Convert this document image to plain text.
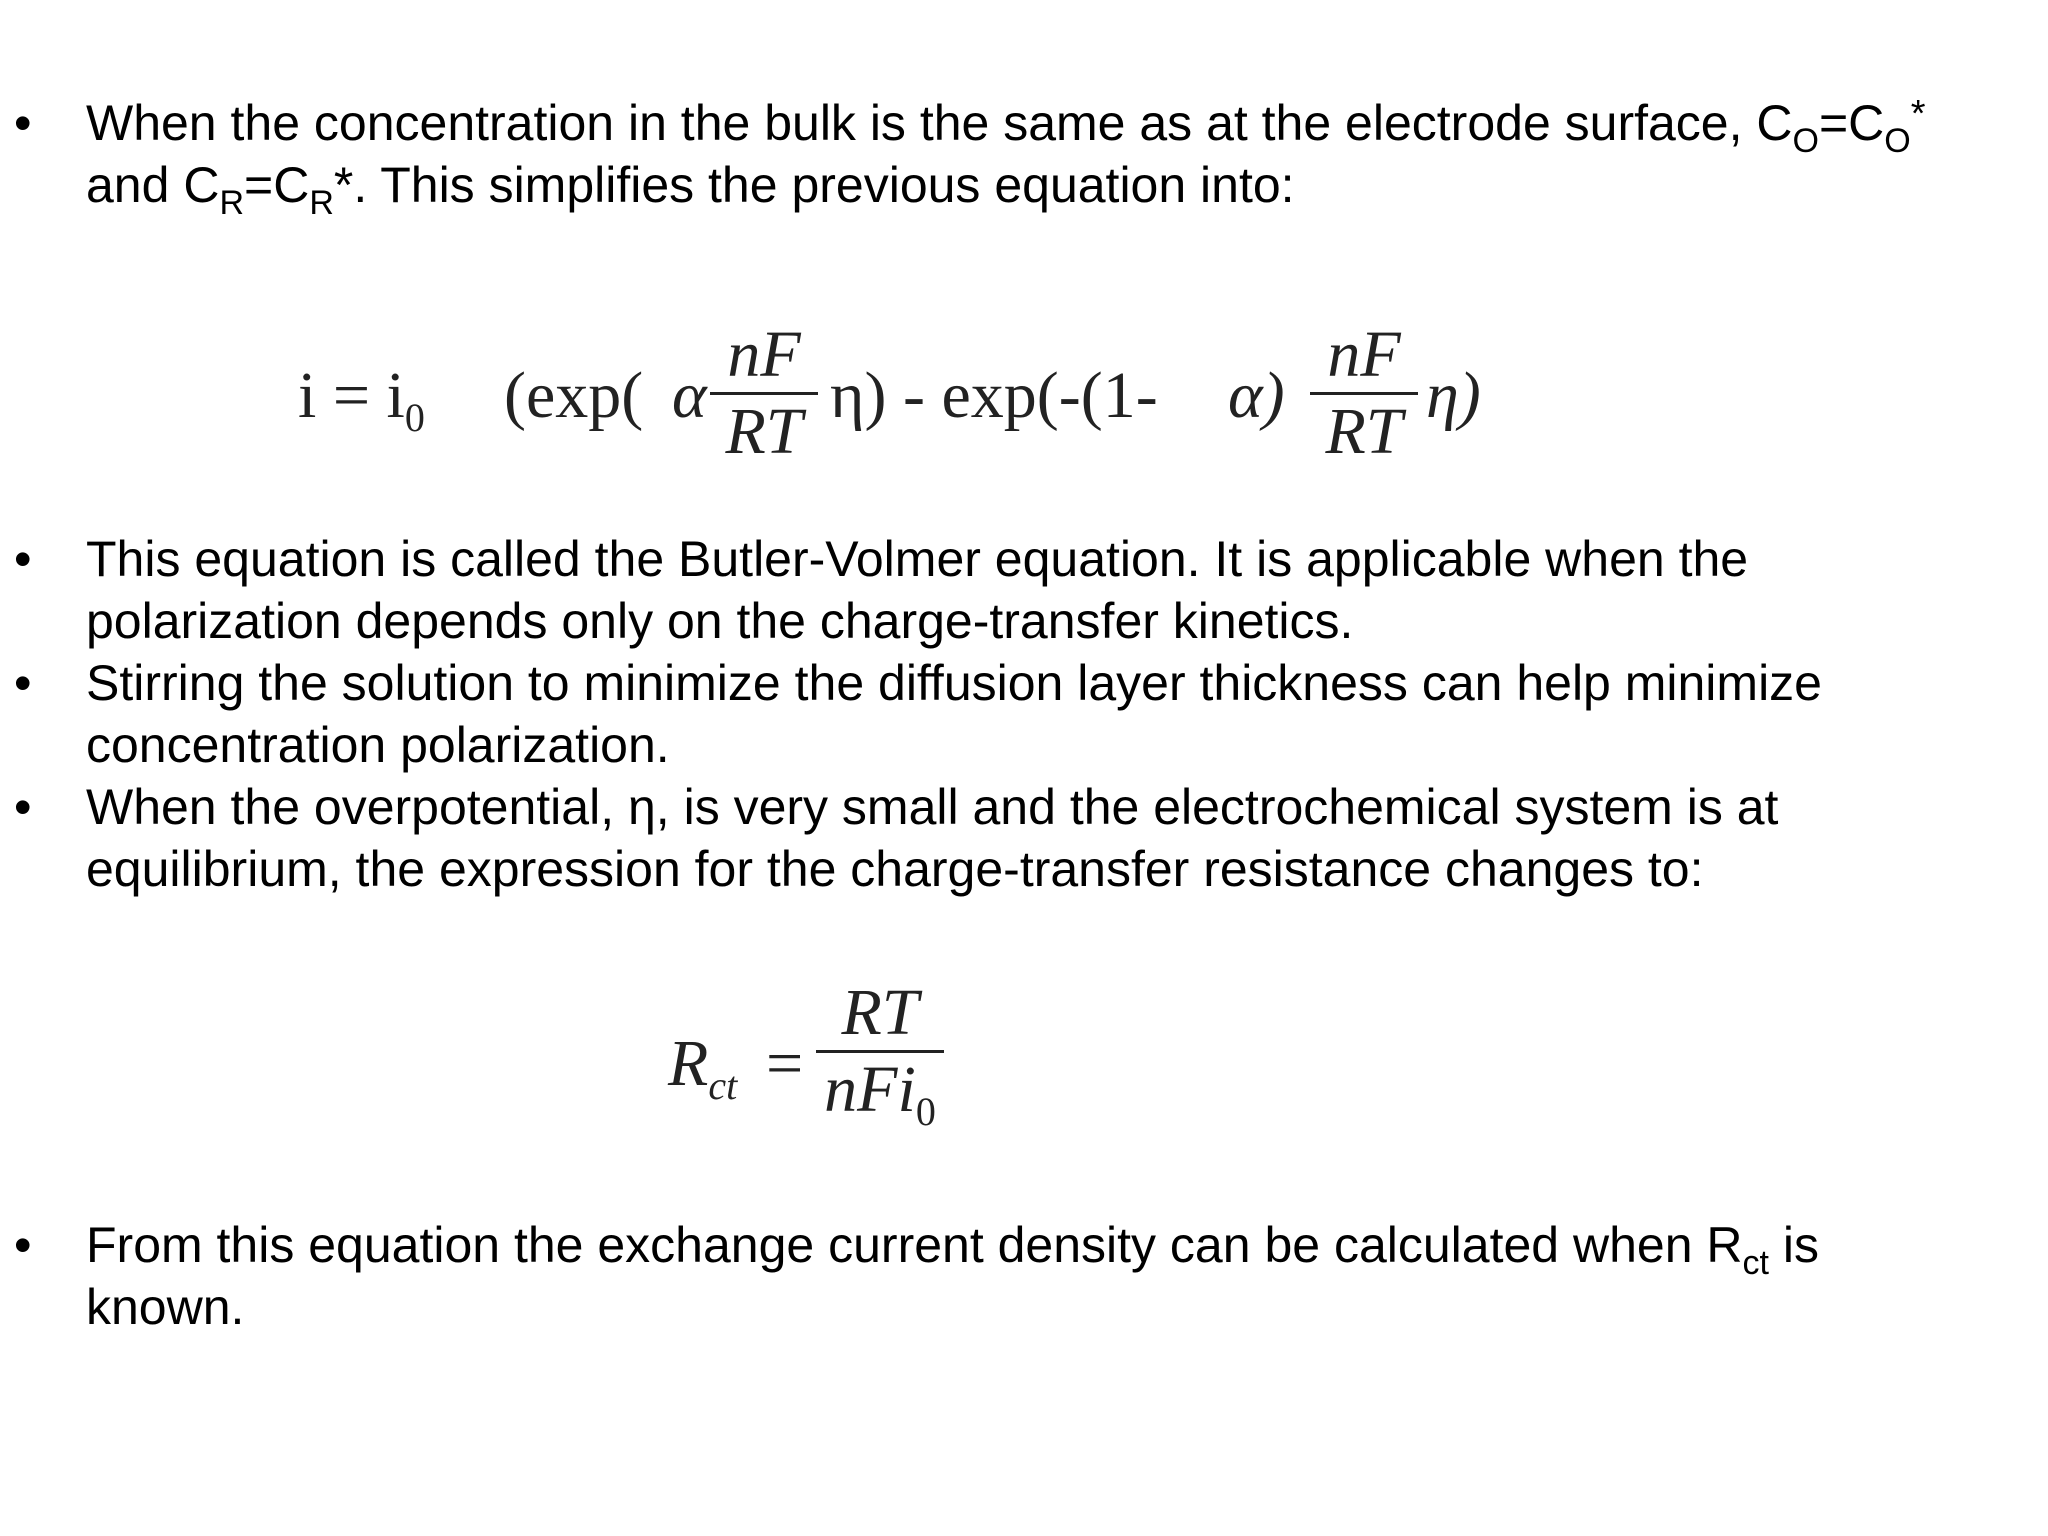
•	When the concentration in the bulk is the same as at the electrode surface, $C_O=C_O^*$
and $C_R=C_R*$. This simplifies the previous equation into:
$i = i_0$ (exp( α
nF
RT η) - exp(-(1- α)
nF
RT η)
•	This equation is called the Butler-Volmer equation. It is applicable when the
polarization depends only on the charge-transfer kinetics.
•	Stirring the solution to minimize the diffusion layer thickness can help minimize
concentration polarization.
•	When the overpotential, η, is very small and the electrochemical system is at
equilibrium, the expression for the charge-transfer resistance changes to:
$R_{ct}$ =
RT
nFi$_0$
•	From this equation the exchange current density can be calculated when $R_{ct}$ is
known.
